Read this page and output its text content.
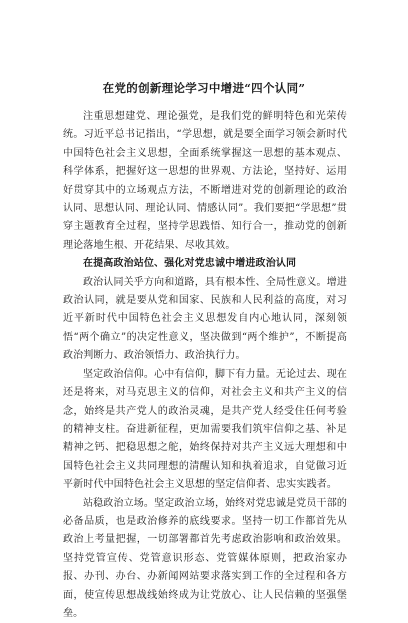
在党的创新理论学习中增进“四个认同”

注重思想建党、理论强党，是我们党的鲜明特色和光荣传统。习近平总书记指出，“学思想，就是要全面学习领会新时代中国特色社会主义思想，全面系统掌握这一思想的基本观点、科学体系，把握好这一思想的世界观、方法论，坚持好、运用好贯穿其中的立场观点方法，不断增进对党的创新理论的政治认同、思想认同、理论认同、情感认同”。我们要把“学思想”贯穿主题教育全过程，坚持学思践悟、知行合一，推动党的创新理论落地生根、开花结果、尽收其效。

在提高政治站位、强化对党忠诚中增进政治认同

政治认同关乎方向和道路，具有根本性、全局性意义。增进政治认同，就是要从党和国家、民族和人民利益的高度，对习近平新时代中国特色社会主义思想发自内心地认同，深刻领悟“两个确立”的决定性意义，坚决做到“两个维护”，不断提高政治判断力、政治领悟力、政治执行力。

坚定政治信仰。心中有信仰，脚下有力量。无论过去、现在还是将来，对马克思主义的信仰，对社会主义和共产主义的信念，始终是共产党人的政治灵魂，是共产党人经受住任何考验的精神支柱。奋进新征程，更加需要我们筑牢信仰之基、补足精神之钙、把稳思想之舵，始终保持对共产主义远大理想和中国特色社会主义共同理想的清醒认知和执着追求，自觉做习近平新时代中国特色社会主义思想的坚定信仰者、忠实实践者。

站稳政治立场。坚定政治立场，始终对党忠诚是党员干部的必备品质，也是政治修养的底线要求。坚持一切工作都首先从政治上考量把握，一切部署都首先考虑政治影响和政治效果。坚持党管宣传、党管意识形态、党管媒体原则，把政治家办报、办刊、办台、办新闻网站要求落实到工作的全过程和各方面，使宣传思想战线始终成为让党放心、让人民信赖的坚强堡垒。
